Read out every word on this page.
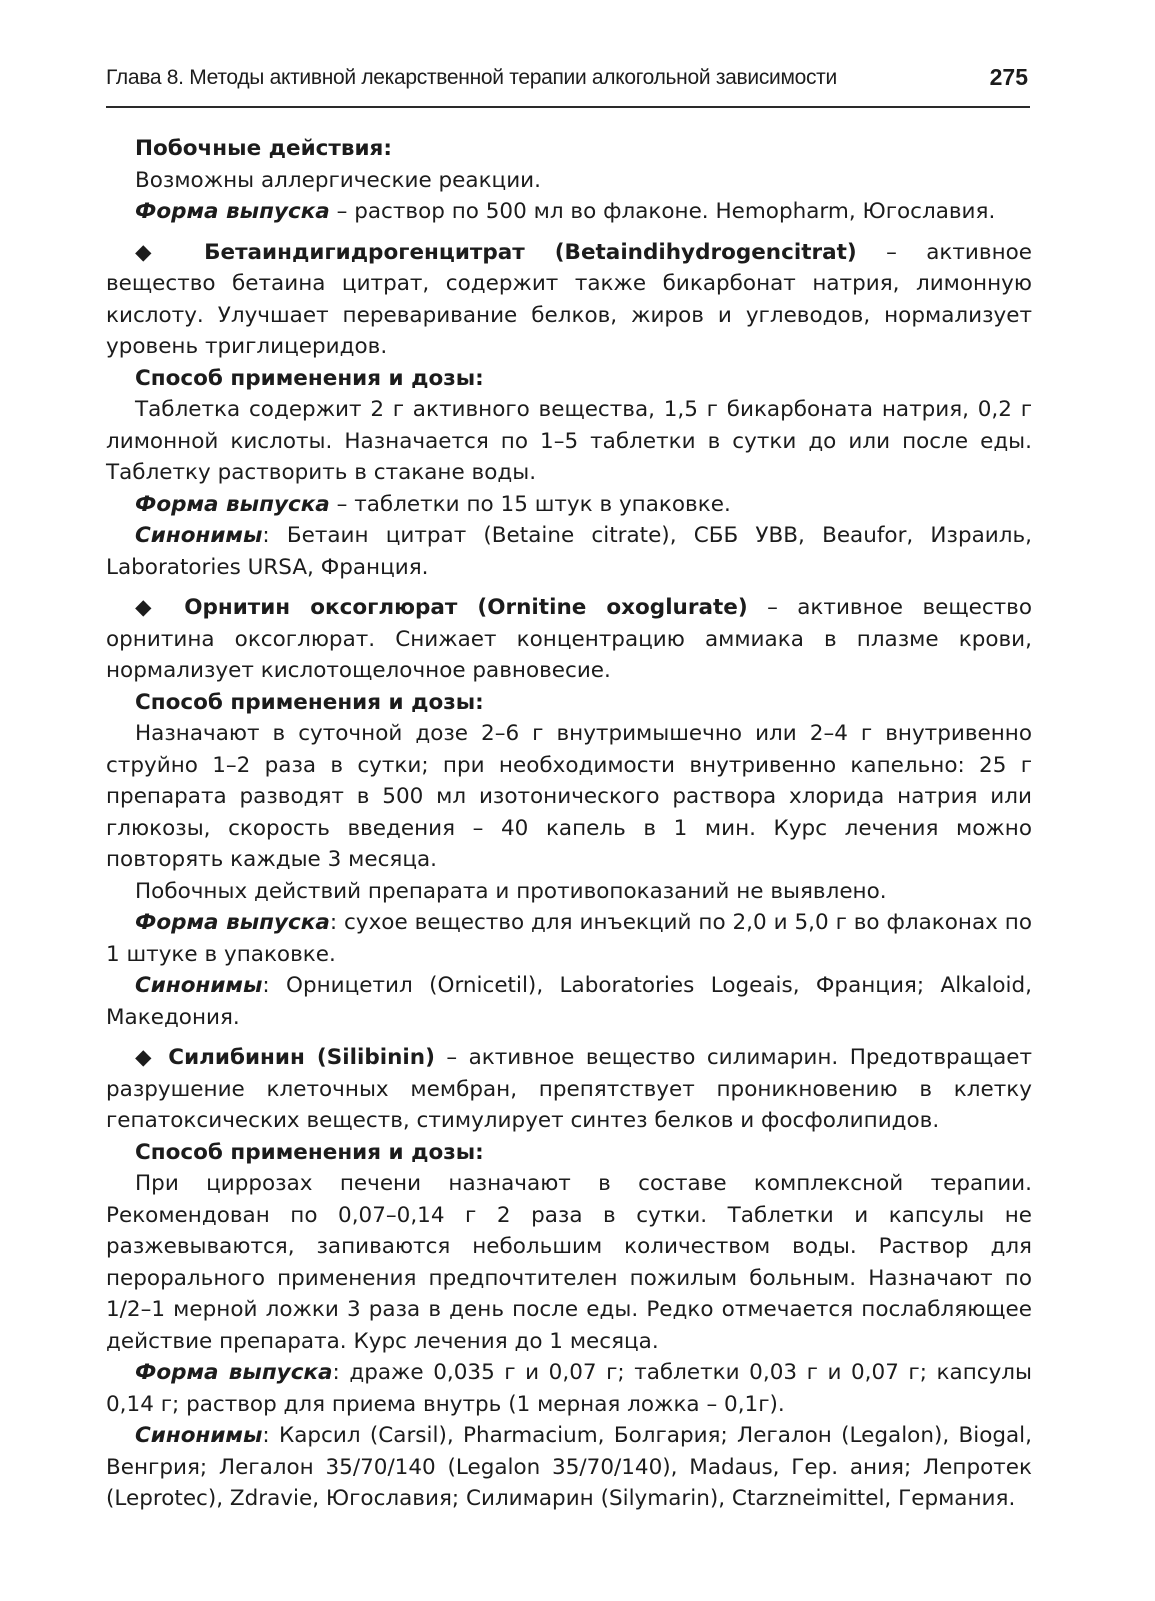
Глава 8. Методы активной лекарственной терапии алкогольной зависимости	275

Побочные действия:

Возможны аллергические реакции.

Форма выпуска – раствор по 500 мл во флаконе. Hemopharm, Югославия.

◆ Бетаиндигидрогенцитрат (Betaindihydrogencitrat) – активное вещество бетаина цитрат, содержит также бикарбонат натрия, лимонную кислоту. Улучшает переваривание белков, жиров и углеводов, нормализует уровень триглицеридов.

Способ применения и дозы:

Таблетка содержит 2 г активного вещества, 1,5 г бикарбоната натрия, 0,2 г лимонной кислоты. Назначается по 1–5 таблетки в сутки до или после еды. Таблетку растворить в стакане воды.

Форма выпуска – таблетки по 15 штук в упаковке.

Синонимы: Бетаин цитрат (Betaine citrate), СББ УВВ, Beaufor, Израиль, Laboratories URSA, Франция.

◆ Орнитин оксоглюрат (Ornitine oxoglurate) – активное вещество орнитина оксоглюрат. Снижает концентрацию аммиака в плазме крови, нормализует кислотощелочное равновесие.

Способ применения и дозы:

Назначают в суточной дозе 2–6 г внутримышечно или 2–4 г внутривенно струйно 1–2 раза в сутки; при необходимости внутривенно капельно: 25 г препарата разводят в 500 мл изотонического раствора хлорида натрия или глюкозы, скорость введения – 40 капель в 1 мин. Курс лечения можно повторять каждые 3 месяца.

Побочных действий препарата и противопоказаний не выявлено.

Форма выпуска: сухое вещество для инъекций по 2,0 и 5,0 г во флаконах по 1 штуке в упаковке.

Синонимы: Орницетил (Ornicetil), Laboratories Logeais, Франция; Alkaloid, Македония.

◆ Силибинин (Silibinin) – активное вещество силимарин. Предотвращает разрушение клеточных мембран, препятствует проникновению в клетку гепатоксических веществ, стимулирует синтез белков и фосфолипидов.

Способ применения и дозы:

При циррозах печени назначают в составе комплексной терапии. Рекомендован по 0,07–0,14 г 2 раза в сутки. Таблетки и капсулы не разжевываются, запиваются небольшим количеством воды. Раствор для перорального применения предпочтителен пожилым больным. Назначают по 1/2–1 мерной ложки 3 раза в день после еды. Редко отмечается послабляющее действие препарата. Курс лечения до 1 месяца.

Форма выпуска: драже 0,035 г и 0,07 г; таблетки 0,03 г и 0,07 г; капсулы 0,14 г; раствор для приема внутрь (1 мерная ложка – 0,1г).

Синонимы: Карсил (Carsil), Pharmacium, Болгария; Легалон (Legalon), Biogal, Венгрия; Легалон 35/70/140 (Legalon 35/70/140), Madaus, Гер. ания; Лепротек (Leprotec), Zdravie, Югославия; Силимарин (Silymarin), Ctarzneimittel, Германия.
